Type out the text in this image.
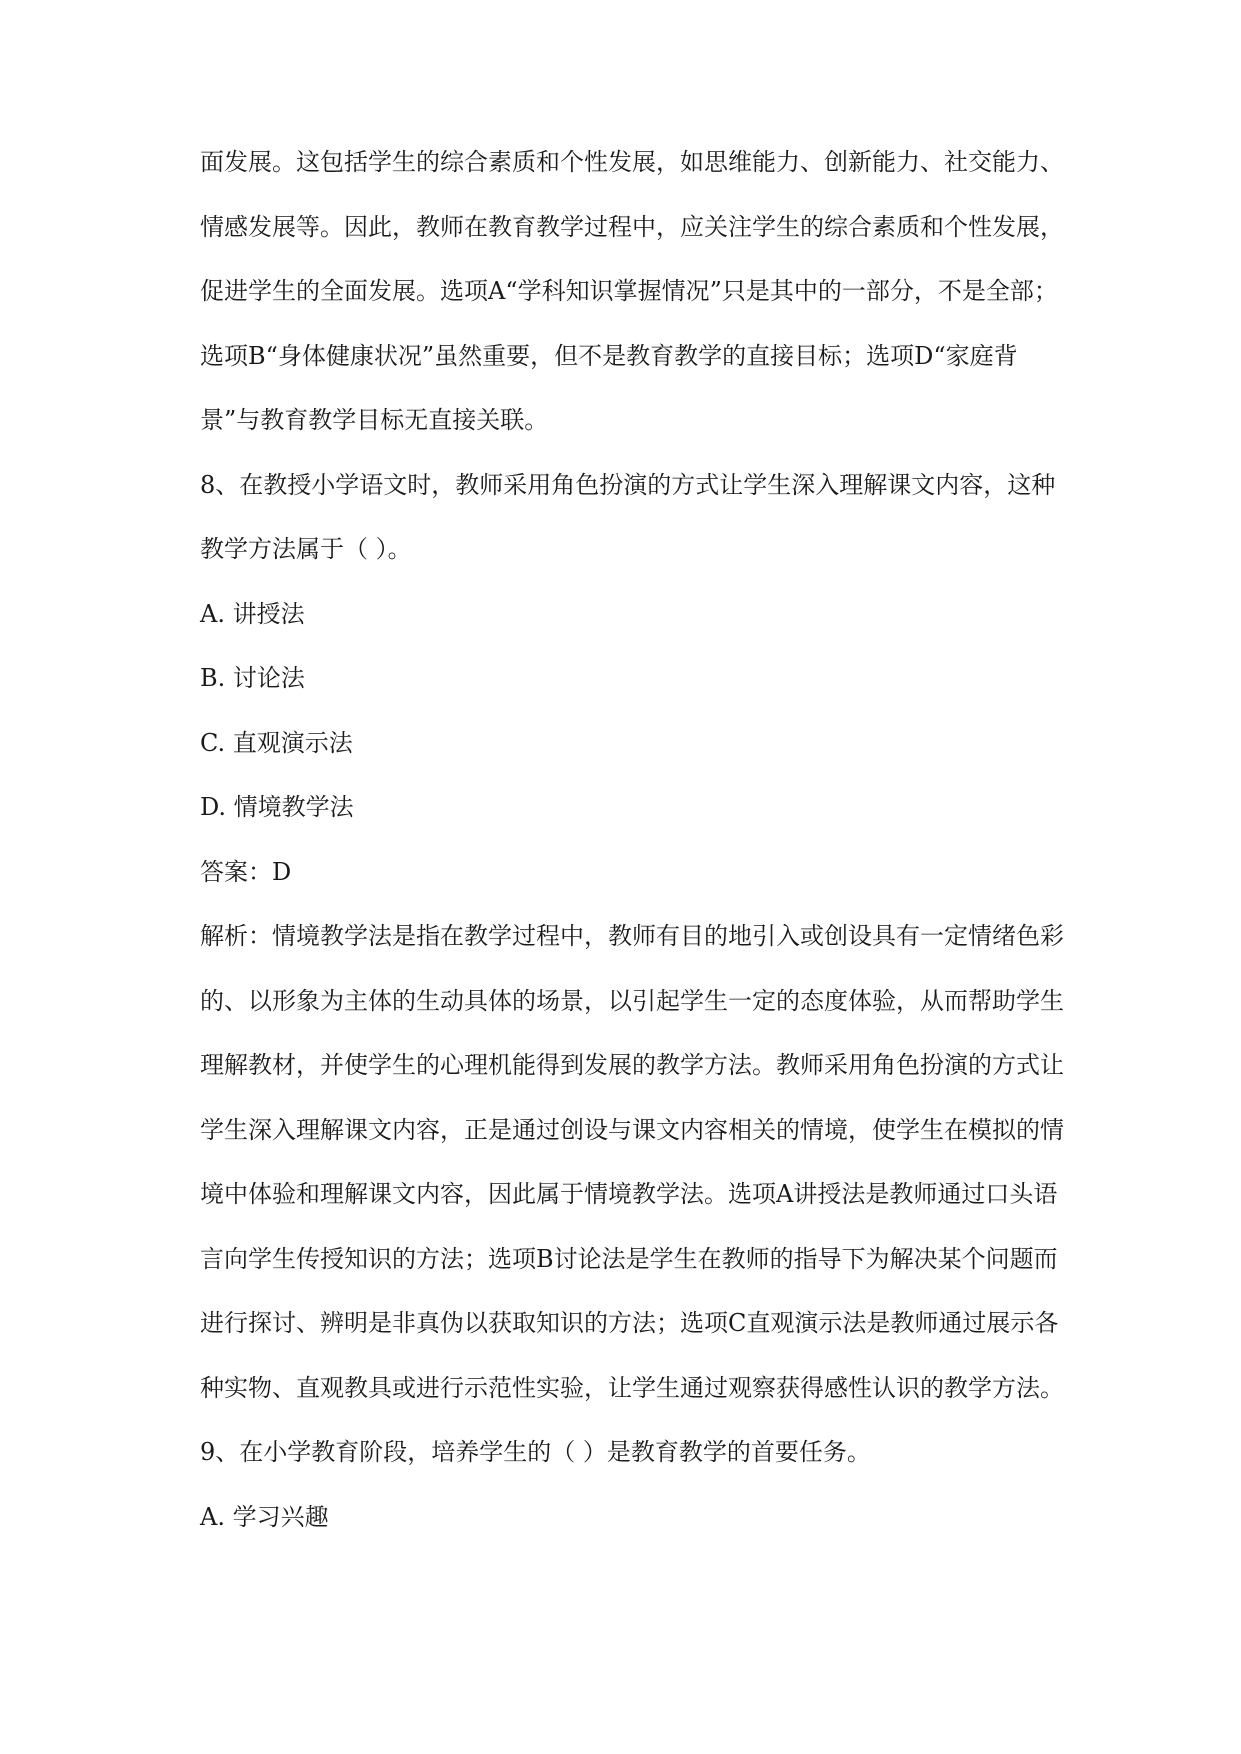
面发展。这包括学生的综合素质和个性发展，如思维能力、创新能力、社交能力、
情感发展等。因此，教师在教育教学过程中，应关注学生的综合素质和个性发展，
促进学生的全面发展。选项A“学科知识掌握情况”只是其中的一部分，不是全部；
选项B“身体健康状况”虽然重要，但不是教育教学的直接目标；选项D“家庭背
景”与教育教学目标无直接关联。
8、在教授小学语文时，教师采用角色扮演的方式让学生深入理解课文内容，这种
教学方法属于（ ）。
A. 讲授法
B. 讨论法
C. 直观演示法
D. 情境教学法
答案：D
解析：情境教学法是指在教学过程中，教师有目的地引入或创设具有一定情绪色彩
的、以形象为主体的生动具体的场景，以引起学生一定的态度体验，从而帮助学生
理解教材，并使学生的心理机能得到发展的教学方法。教师采用角色扮演的方式让
学生深入理解课文内容，正是通过创设与课文内容相关的情境，使学生在模拟的情
境中体验和理解课文内容，因此属于情境教学法。选项A讲授法是教师通过口头语
言向学生传授知识的方法；选项B讨论法是学生在教师的指导下为解决某个问题而
进行探讨、辨明是非真伪以获取知识的方法；选项C直观演示法是教师通过展示各
种实物、直观教具或进行示范性实验，让学生通过观察获得感性认识的教学方法。
9、在小学教育阶段，培养学生的（ ）是教育教学的首要任务。
A. 学习兴趣
